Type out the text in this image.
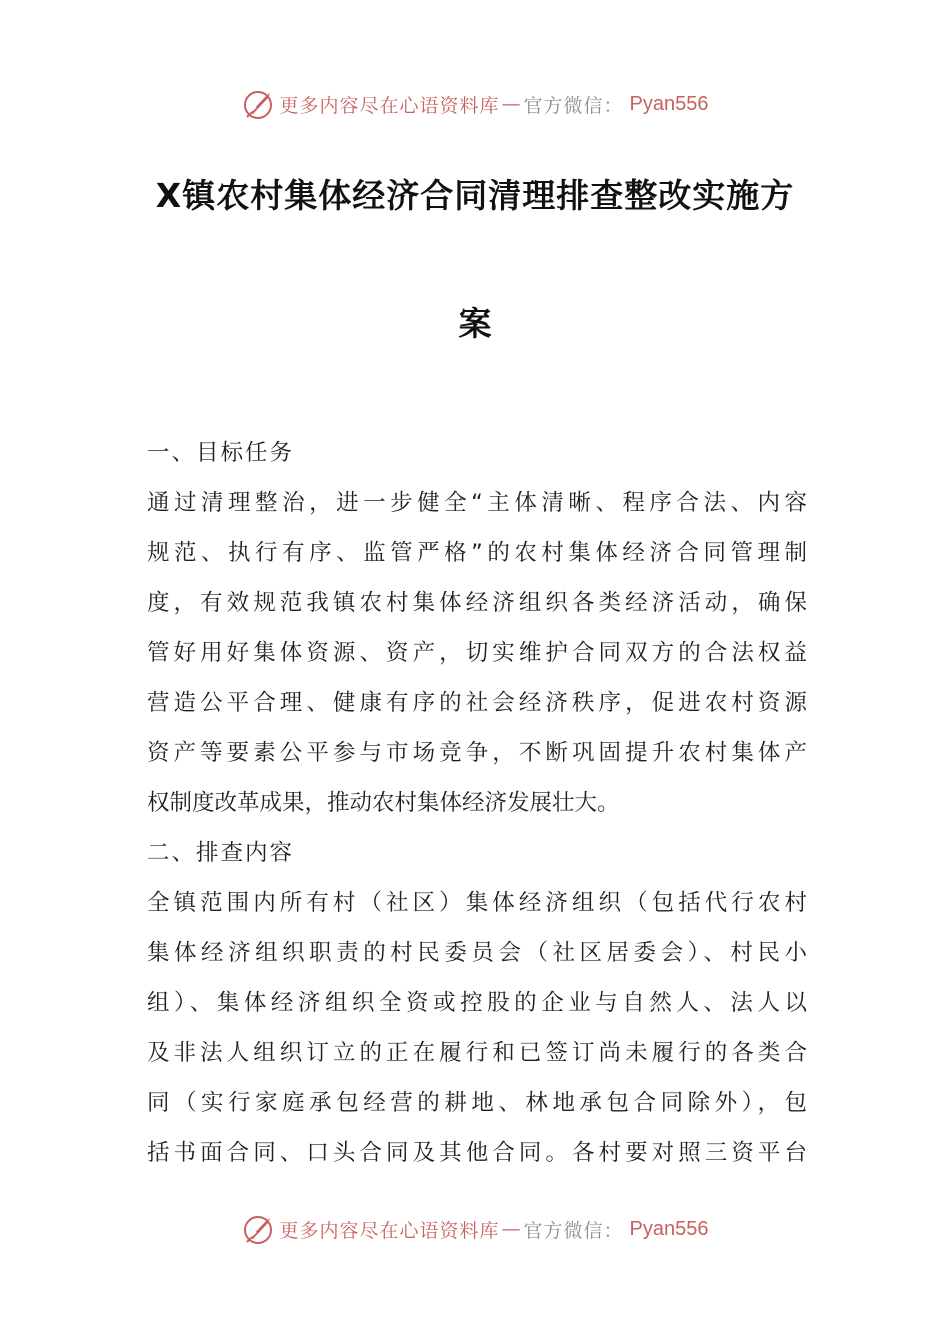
更多内容尽在心语资料库 — 官方微信： Pyan556
X镇农村集体经济合同清理排查整改实施方
案
一、目标任务
通过清理整治，进一步健全“主体清晰、程序合法、内容
规范、执行有序、监管严格”的农村集体经济合同管理制
度，有效规范我镇农村集体经济组织各类经济活动，确保
管好用好集体资源、资产，切实维护合同双方的合法权益
营造公平合理、健康有序的社会经济秩序，促进农村资源
资产等要素公平参与市场竞争，不断巩固提升农村集体产
权制度改革成果，推动农村集体经济发展壮大。
二、排查内容
全镇范围内所有村（社区）集体经济组织（包括代行农村
集体经济组织职责的村民委员会（社区居委会）、村民小
组）、集体经济组织全资或控股的企业与自然人、法人以
及非法人组织订立的正在履行和已签订尚未履行的各类合
同（实行家庭承包经营的耕地、林地承包合同除外），包
括书面合同、口头合同及其他合同。各村要对照三资平台
更多内容尽在心语资料库 — 官方微信： Pyan556
